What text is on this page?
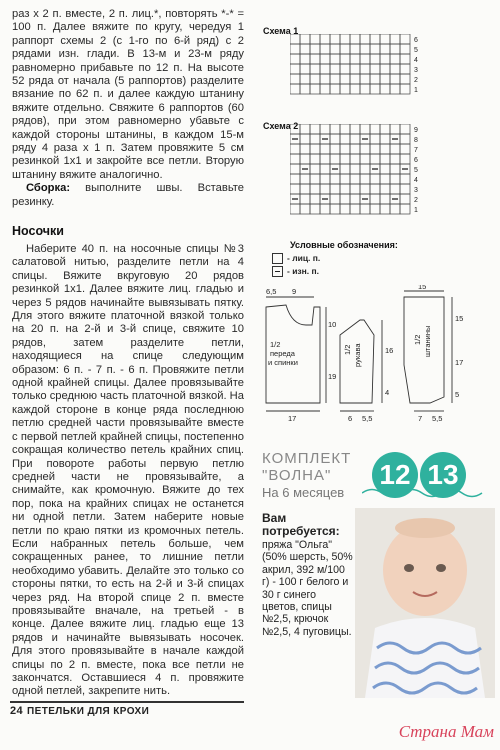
раз х 2 п. вместе, 2 п. лиц.*, повторять *-* = 100 п. Далее вяжите по кругу, чередуя 1 раппорт схемы 2 (с 1-го по 6-й ряд) с 2 рядами изн. глади. В 13-м и 23-м ряду равномерно прибавьте по 12 п. На высоте 52 ряда от начала (5 раппортов) разделите вязание по 62 п. и далее каждую штанину вяжите отдельно. Свяжите 6 раппортов (60 рядов), при этом равномерно убавьте с каждой стороны штанины, в каждом 15-м ряду 4 раза х 1 п. Затем провяжите 5 см резинкой 1x1 и закройте все петли. Вторую штанину вяжите аналогично.

Сборка: выполните швы. Вставьте резинку.

Носочки

Наберите 40 п. на носочные спицы №3 салатовой нитью, разделите петли на 4 спицы. Вяжите вкруговую 20 рядов резинкой 1x1. Далее вяжите лиц. гладью и через 5 рядов начинайте вывязывать пятку. Для этого вяжите платочной вязкой только на 20 п. на 2-й и 3-й спице, свяжите 10 рядов, затем разделите петли, находящиеся на спице следующим образом: 6 п. - 7 п. - 6 п. Провяжите петли одной крайней спицы. Далее провязывайте только среднюю часть платочной вязкой. На каждой стороне в конце ряда последнюю петлю средней части провязывайте вместе с первой петлей крайней спицы, постепенно сокращая количество петель крайних спиц. При повороте работы первую петлю средней части не провязывайте, а снимайте, как кромочную. Вяжите до тех пор, пока на крайних спицах не останется ни одной петли. Затем наберите новые петли по краю пятки из кромочных петель. Если набранных петель больше, чем сокращенных ранее, то лишние петли необходимо убавить. Делайте это только со стороны пятки, то есть на 2-й и 3-й спицах через ряд. На второй спице 2 п. вместе провязывайте вначале, на третьей - в конце. Далее вяжите лиц. гладью еще 13 рядов и начинайте вывязывать носочек. Для этого провязывайте в начале каждой спицы по 2 п. вместе, пока все петли не закончатся. Оставшиеся 4 п. провяжите одной петлей, закрепите нить.

Схема 1
6
5
4
3
2
1
Схема 2	9
8
7
6
5
4
3
2
1
Условные обозначения:
- лиц. п.
- изн. п.
1/2
переда
и спинки
6,5 9
10
19
17
1/2 рукава	16
4
6 5,5
1/2 штанины
15
15
17
5
7 5,5
КОМПЛЕКТ
"ВОЛНА"
На 6 месяцев
12 13
Вам
потребуется:
пряжа "Ольга" (50% шерсть, 50% акрил, 392 м/100 г) - 100 г белого и 30 г синего цветов, спицы №2,5, крючок №2,5, 4 пуговицы.
24 ПЕТЕЛЬКИ ДЛЯ КРОХИ
Страна Мам
